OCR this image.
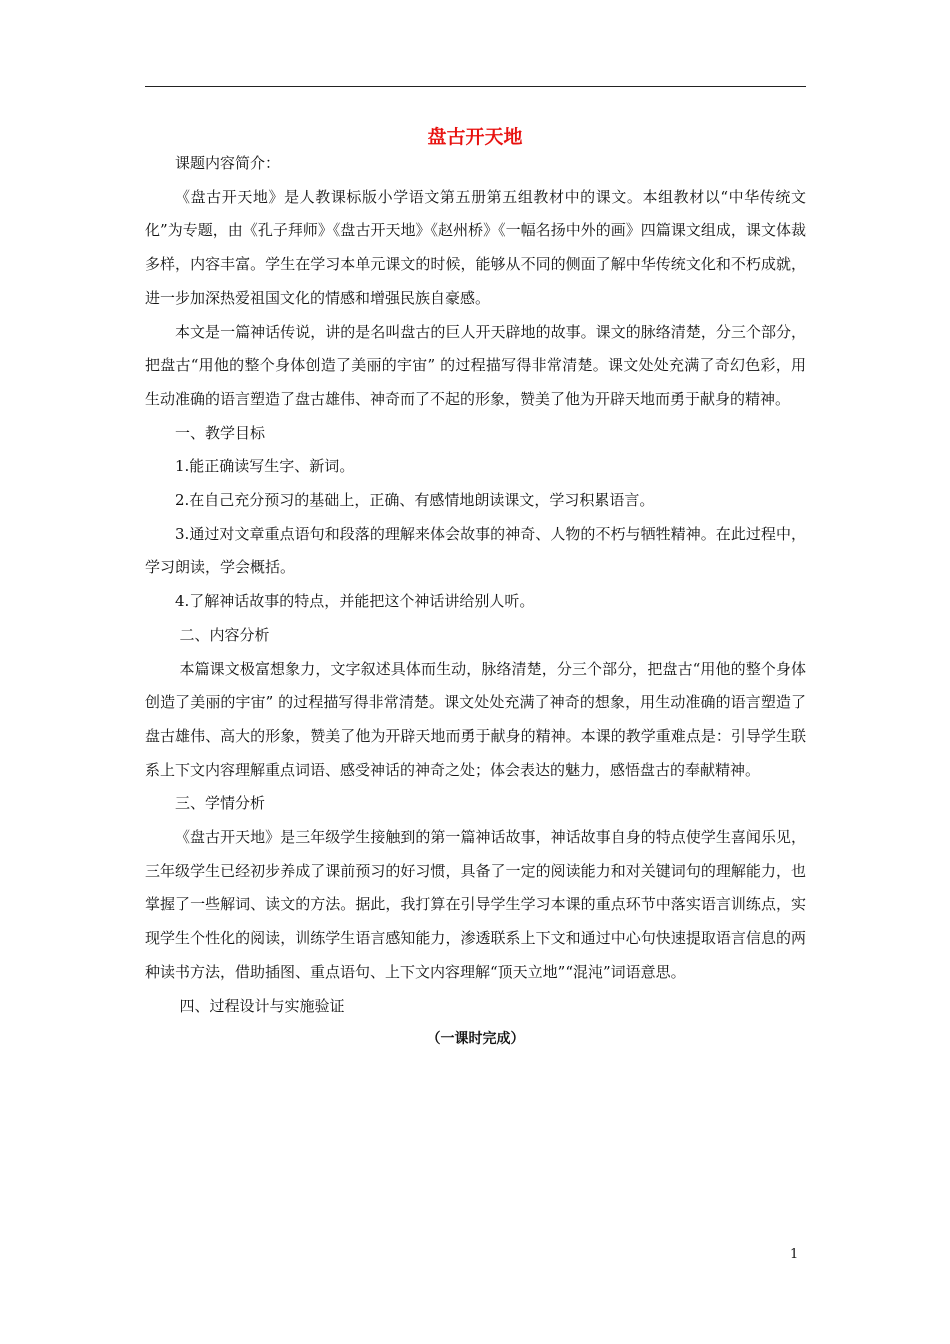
盘古开天地

课题内容简介：

《盘古开天地》是人教课标版小学语文第五册第五组教材中的课文。本组教材以“中华传统文化”为专题，由《孔子拜师》《盘古开天地》《赵州桥》《一幅名扬中外的画》四篇课文组成，课文体裁多样，内容丰富。学生在学习本单元课文的时候，能够从不同的侧面了解中华传统文化和不朽成就，进一步加深热爱祖国文化的情感和增强民族自豪感。

本文是一篇神话传说，讲的是名叫盘古的巨人开天辟地的故事。课文的脉络清楚，分三个部分，把盘古“用他的整个身体创造了美丽的宇宙” 的过程描写得非常清楚。课文处处充满了奇幻色彩，用生动准确的语言塑造了盘古雄伟、神奇而了不起的形象，赞美了他为开辟天地而勇于献身的精神。

一、教学目标

1.能正确读写生字、新词。

2.在自己充分预习的基础上，正确、有感情地朗读课文，学习积累语言。

3.通过对文章重点语句和段落的理解来体会故事的神奇、人物的不朽与牺牲精神。在此过程中，学习朗读，学会概括。

4.了解神话故事的特点，并能把这个神话讲给别人听。

二、内容分析

本篇课文极富想象力，文字叙述具体而生动，脉络清楚，分三个部分，把盘古“用他的整个身体创造了美丽的宇宙” 的过程描写得非常清楚。课文处处充满了神奇的想象，用生动准确的语言塑造了盘古雄伟、高大的形象，赞美了他为开辟天地而勇于献身的精神。本课的教学重难点是：引导学生联系上下文内容理解重点词语、感受神话的神奇之处；体会表达的魅力，感悟盘古的奉献精神。

三、学情分析

《盘古开天地》是三年级学生接触到的第一篇神话故事，神话故事自身的特点使学生喜闻乐见，三年级学生已经初步养成了课前预习的好习惯，具备了一定的阅读能力和对关键词句的理解能力，也掌握了一些解词、读文的方法。据此，我打算在引导学生学习本课的重点环节中落实语言训练点，实现学生个性化的阅读，训练学生语言感知能力，渗透联系上下文和通过中心句快速提取语言信息的两种读书方法，借助插图、重点语句、上下文内容理解“顶天立地”“混沌”词语意思。

四、过程设计与实施验证

（一课时完成）

1
